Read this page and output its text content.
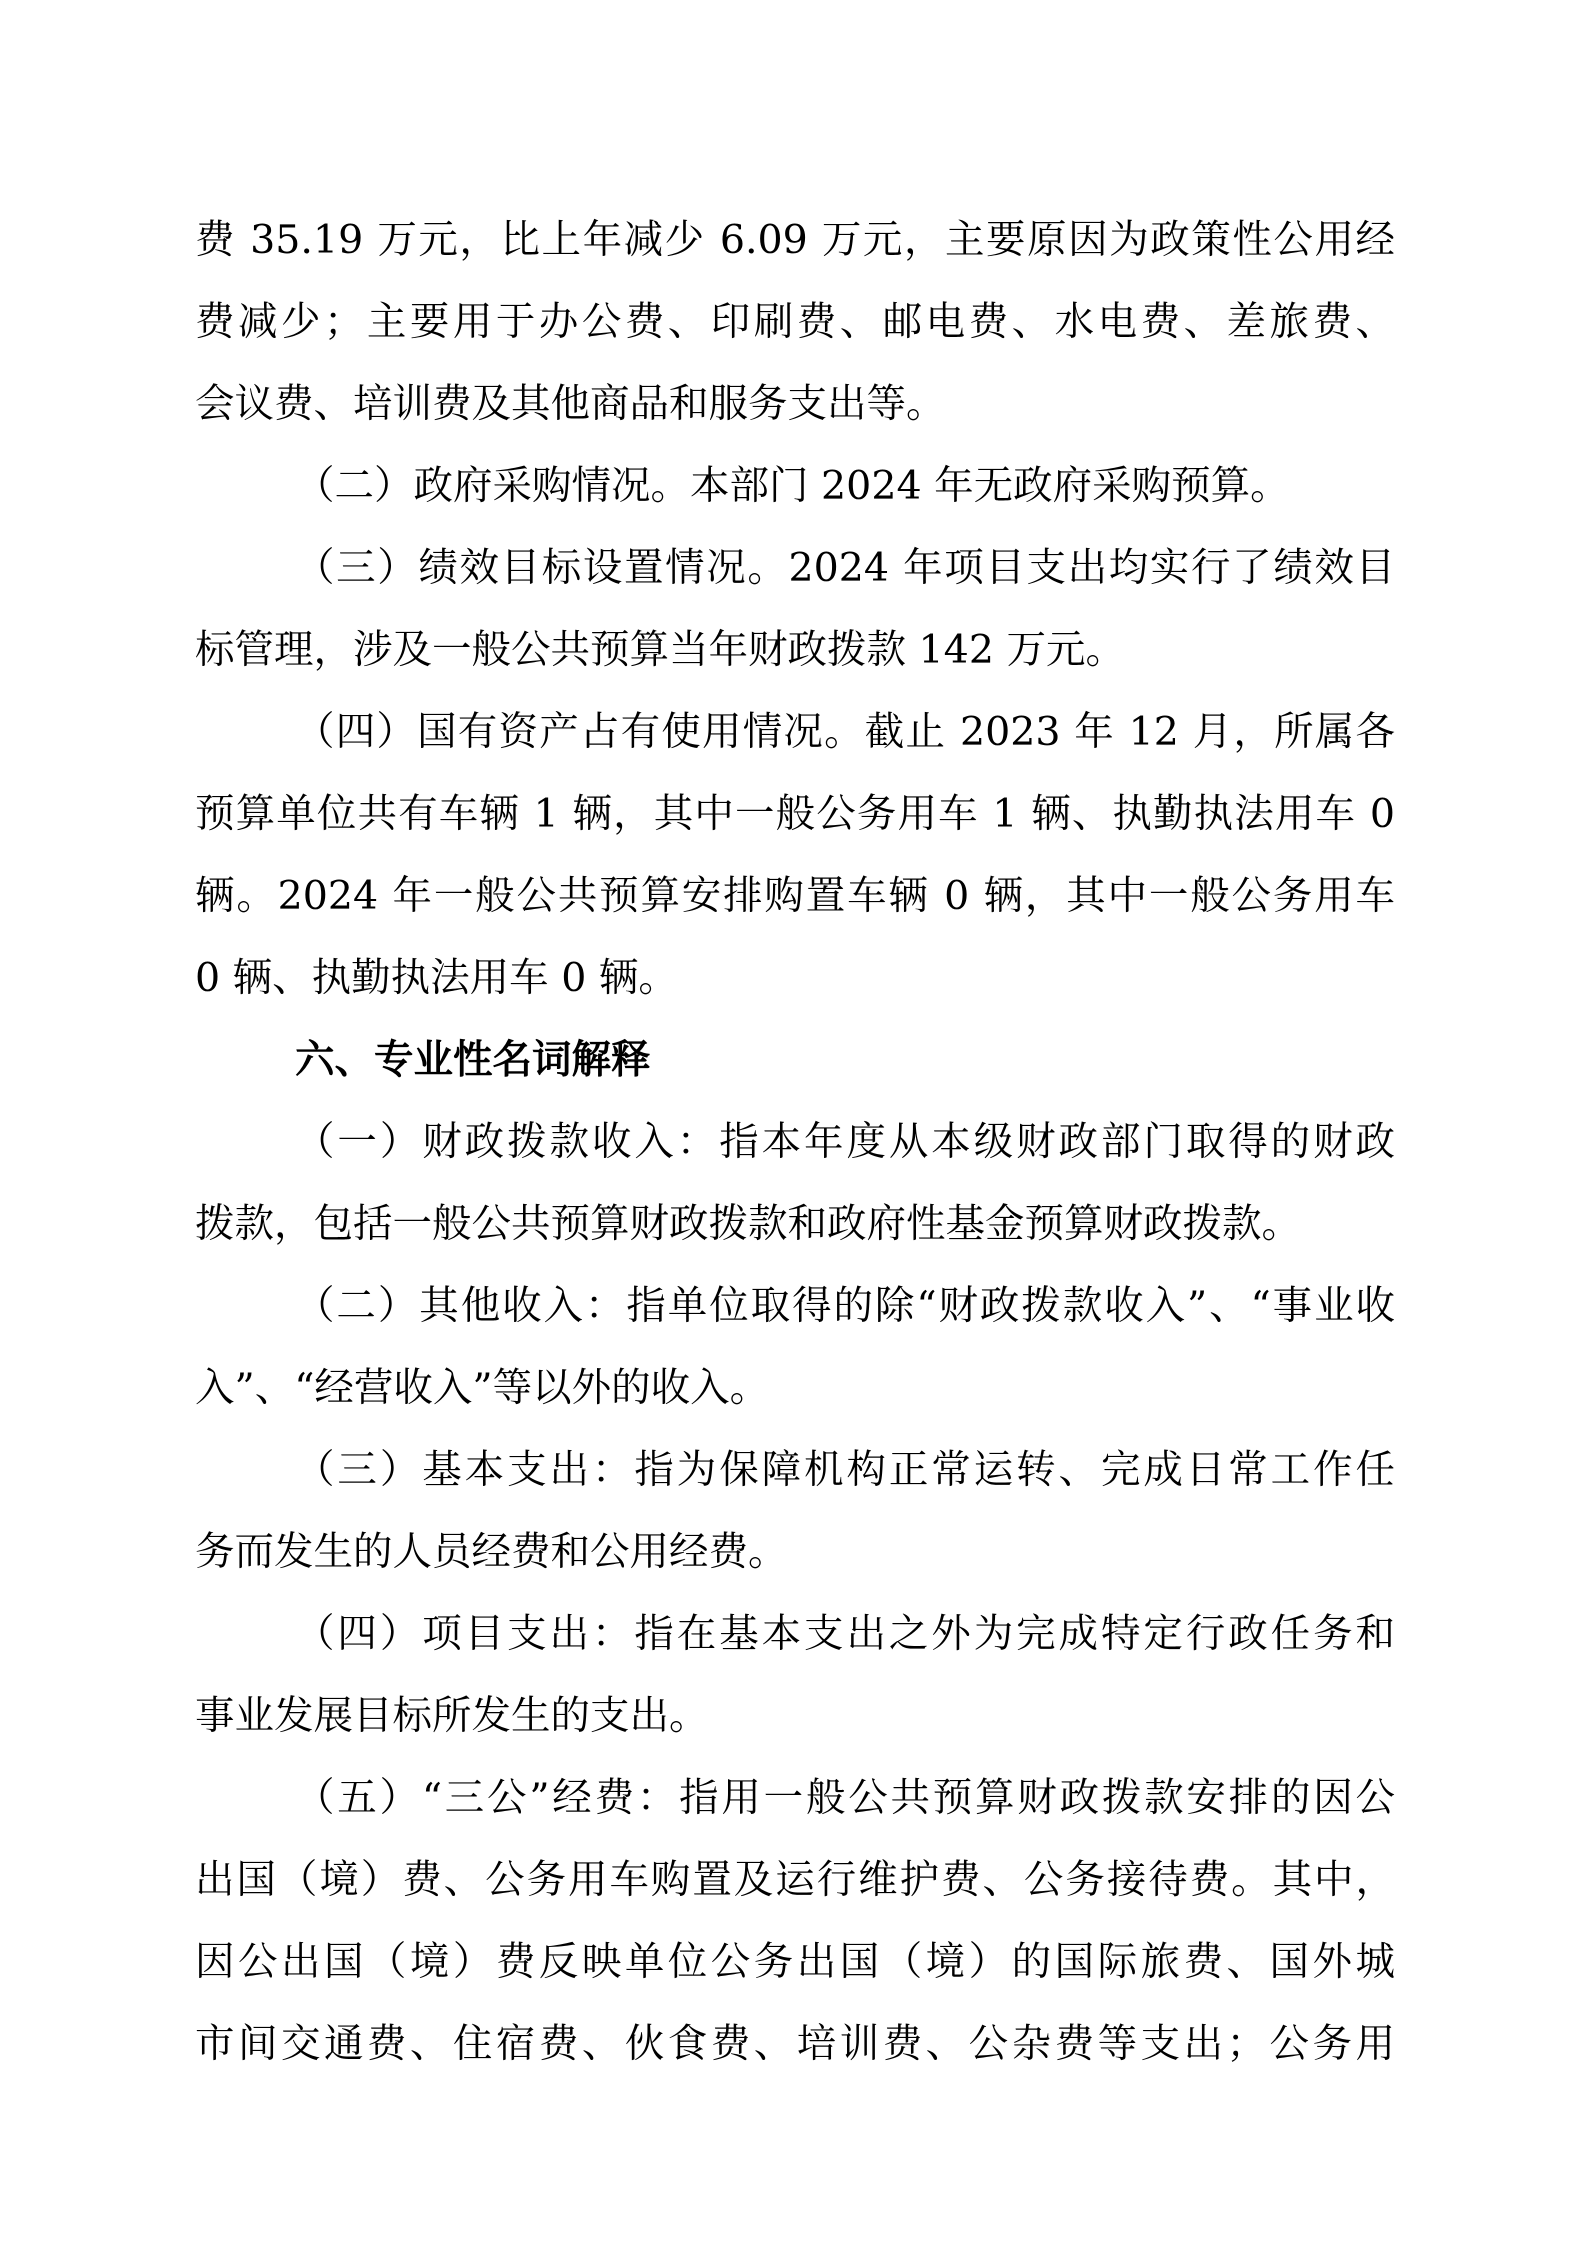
费 35.19 万元，比上年减少 6.09 万元，主要原因为政策性公用经
费减少；主要用于办公费、印刷费、邮电费、水电费、差旅费、
会议费、培训费及其他商品和服务支出等。
（二）政府采购情况。本部门 2024 年无政府采购预算。
（三）绩效目标设置情况。2024 年项目支出均实行了绩效目
标管理，涉及一般公共预算当年财政拨款 142 万元。
（四）国有资产占有使用情况。截止 2023 年 12 月，所属各
预算单位共有车辆 1 辆，其中一般公务用车 1 辆、执勤执法用车 0
辆。2024 年一般公共预算安排购置车辆 0 辆，其中一般公务用车
0 辆、执勤执法用车 0 辆。
六、专业性名词解释
（一）财政拨款收入：指本年度从本级财政部门取得的财政
拨款，包括一般公共预算财政拨款和政府性基金预算财政拨款。
（二）其他收入：指单位取得的除“财政拨款收入”、“事业收
入”、“经营收入”等以外的收入。
（三）基本支出：指为保障机构正常运转、完成日常工作任
务而发生的人员经费和公用经费。
（四）项目支出：指在基本支出之外为完成特定行政任务和
事业发展目标所发生的支出。
（五）“三公”经费：指用一般公共预算财政拨款安排的因公
出国（境）费、公务用车购置及运行维护费、公务接待费。其中，
因公出国（境）费反映单位公务出国（境）的国际旅费、国外城
市间交通费、住宿费、伙食费、培训费、公杂费等支出；公务用
